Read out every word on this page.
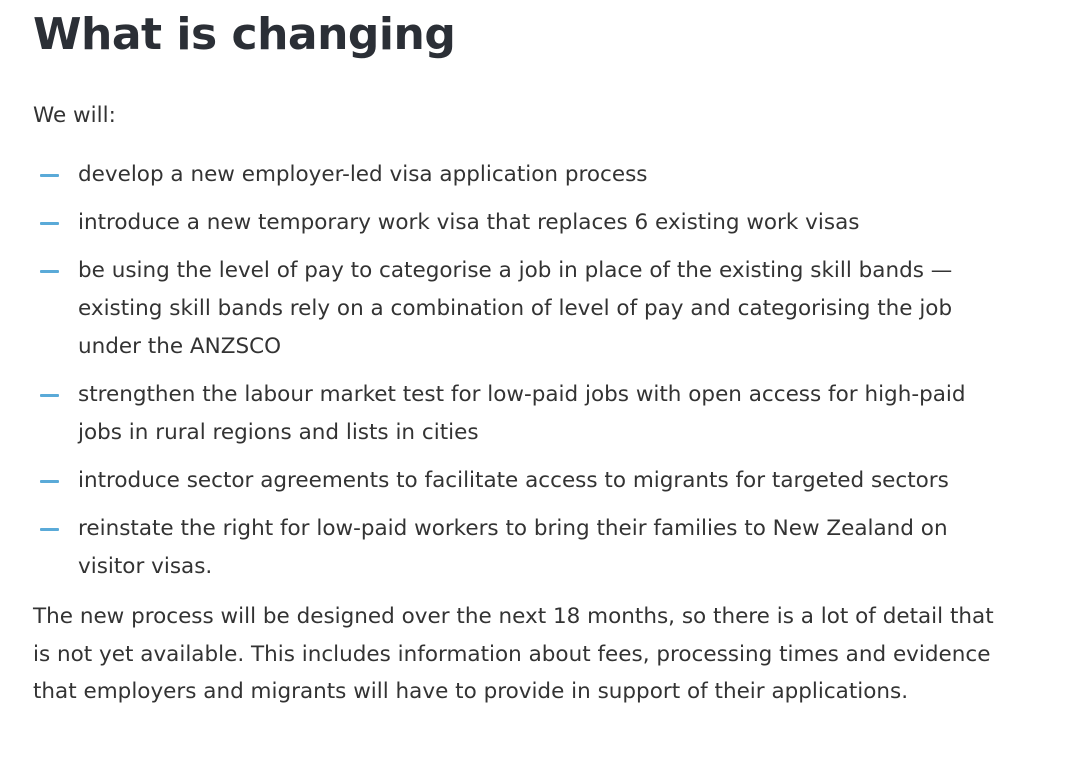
What is changing

We will:

develop a new employer-led visa application process
introduce a new temporary work visa that replaces 6 existing work visas
be using the level of pay to categorise a job in place of the existing skill bands — existing skill bands rely on a combination of level of pay and categorising the job under the ANZSCO
strengthen the labour market test for low-paid jobs with open access for high-paid jobs in rural regions and lists in cities
introduce sector agreements to facilitate access to migrants for targeted sectors
reinstate the right for low-paid workers to bring their families to New Zealand on visitor visas.

The new process will be designed over the next 18 months, so there is a lot of detail that is not yet available. This includes information about fees, processing times and evidence that employers and migrants will have to provide in support of their applications.
